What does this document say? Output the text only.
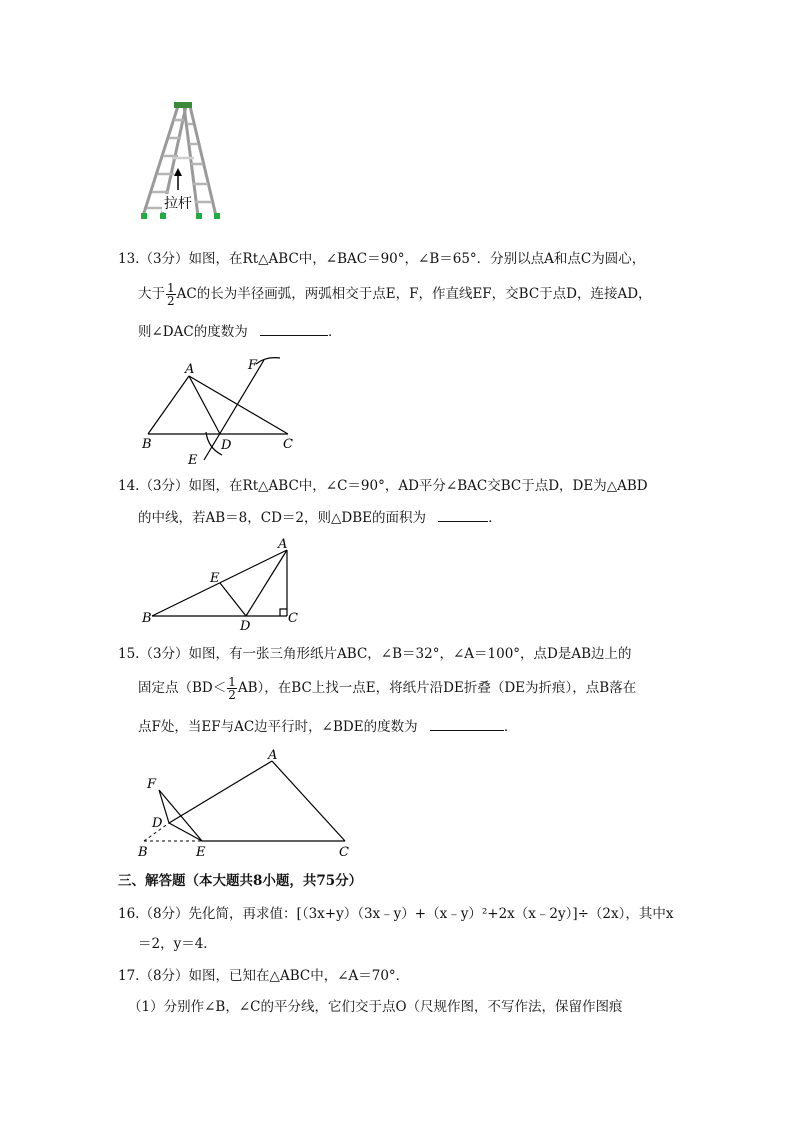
拉杆
13.（3分）如图，在Rt△ABC中，∠BAC＝90°，∠B＝65°．分别以点A和点C为圆心，
大于 $\frac{1}{2}$ AC的长为半径画弧，两弧相交于点E，F，作直线EF，交BC于点D，连接AD，
则∠DAC的度数为	．
A
B	C
D
E
F
14.（3分）如图，在Rt△ABC中，∠C＝90°，AD平分∠BAC交BC于点D，DE为△ABD
的中线，若AB＝8，CD＝2，则△DBE的面积为	．
A
B	C
D
E
15.（3分）如图，有一张三角形纸片ABC，∠B＝32°，∠A＝100°，点D是AB边上的
固定点$(BD< \frac{1}{2} AB)$，在BC上找一点E，将纸片沿DE折叠（DE为折痕），点B落在
点F处，当EF与AC边平行时，∠BDE的度数为	．
A
B	C
D
E
F
三、解答题（本大题共8小题，共75分）
16.（8分）先化简，再求值：[（3x+y）（3x﹣y）+（x﹣y）²+2x（x﹣2y）]÷（2x），其中x
＝2，y＝4．
17.（8分）如图，已知在△ABC中，∠A＝70°．
（1）分别作∠B，∠C的平分线，它们交于点O（尺规作图，不写作法，保留作图痕
